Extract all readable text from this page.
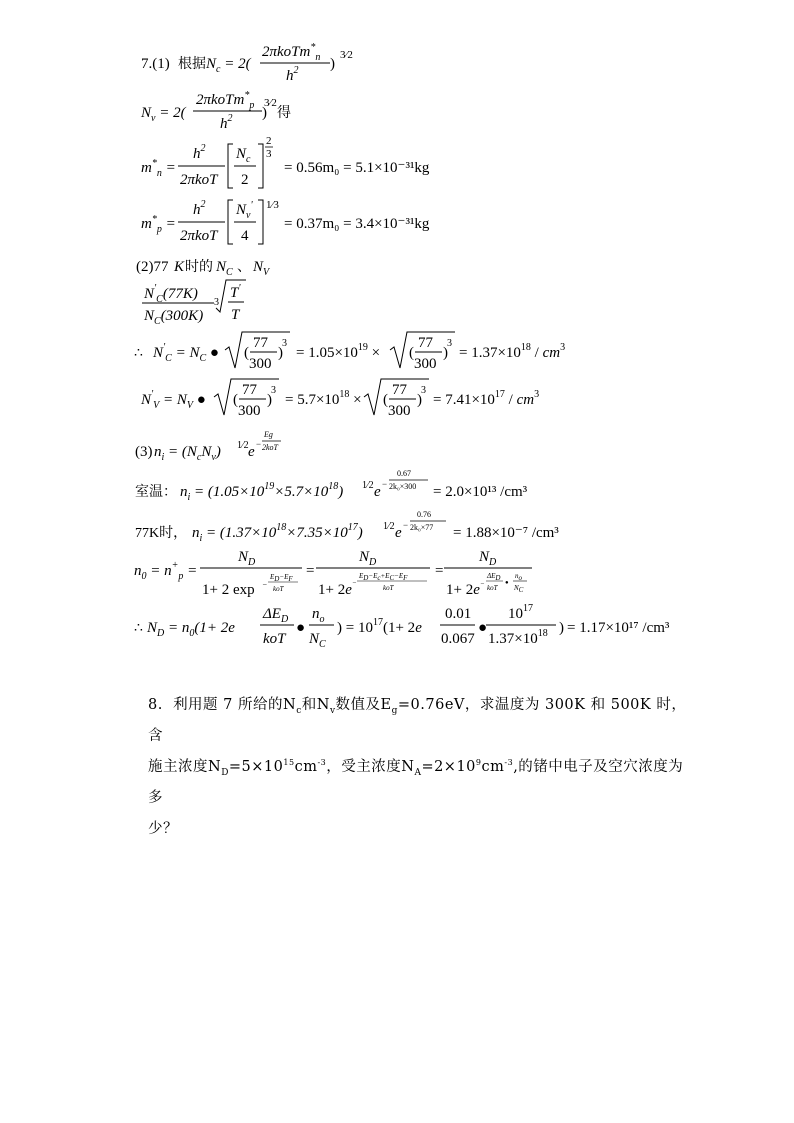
7.(1) 根据 $N_c = 2$(
2πkoTm*$_n$
$h^2$ )
3⁄2
$N_v = 2$(
2πkoTm*$_p$
$h^2$ )
3⁄2
得
$m^*_n$ =
$h^2$
2πkoT
$N_c$
2
2
3
= 0.56m₀ = 5.1×10⁻³¹kg
$m^*_p$ =
$h^2$
2πkoT
$N_v'$
4
1⁄3
= 0.37m₀ = 3.4×10⁻³¹kg
(2)77 K 时的 $N_C$ 、 $N_V$
$N'_C(77K)$
$N_C(300K)$
3
T'
T
∴ $N'_C = N_C$ ● (
77
300
)
3
= $1.05\times 10^{19}$ × (
77
300
)
3
= $1.37\times 10^{18} / cm^3$
$N'_V = N_V$ ● (
77
300
)
3
= $5.7\times 10^{18}$ × (
77
300
)
3
= $7.41\times 10^{17} / cm^3$
(3) $n_i = (N_cN_v)$ 1⁄2 e −
Eg
2koT
室温： $n_i = (1.05\times 10^{19}\times 5.7\times 10^{18})$ 1⁄2 e −
0.67
2k₀×300 = 2.0×10¹³ /cm³
77K时， $n_i = (1.37\times 10^{18}\times 7.35\times 10^{17})$ 1⁄2 e −
0.76
2k₀×77 = 1.88×10⁻⁷ /cm³
$n_0 = n^+_p$ =
$N_D$
1+ 2 exp −
ED−EF
koT
=
$N_D$
1+ 2e −
ED−Ec+EC−EF
koT
=
$N_D$
1+ 2e −
ΔED
koT
●
no
NC
∴ $N_D = n_0(1+ 2e$
$\Delta E_D$
koT
●
$n_o$
$N_C$
) = $10^{17}(1+ 2e$
0.01
0.067
●
$10^{17}$
$1.37\times 10^{18}$ ) = 1.17×10¹⁷ /cm³

8. 利用题 7 所给的$N_c$和$N_v$数值及$E_g=0.76eV$，求温度为 300K 和 500K 时，含

施主浓度$N_D=5\times 10^{15}cm^{-3}$，受主浓度$N_A=2\times 10^9cm^{-3}$,的锗中电子及空穴浓度为多

少？
